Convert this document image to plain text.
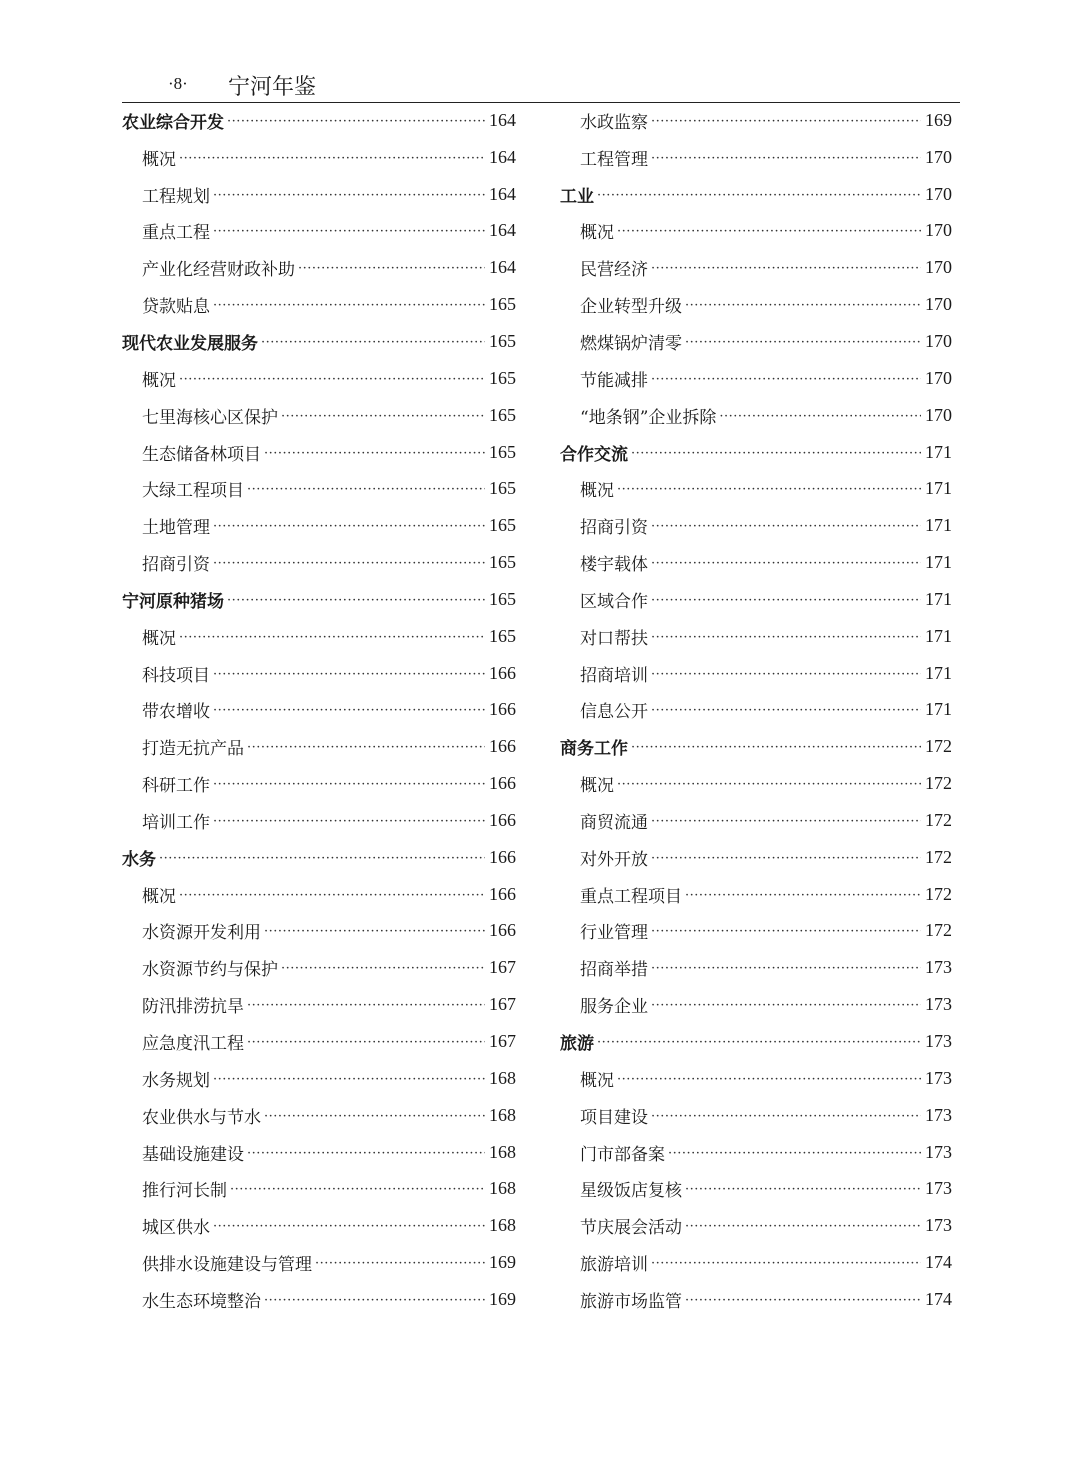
·8· 宁河年鉴
农业综合开发 ·····	164
概况 ·····	164
工程规划 ·····	164
重点工程 ·····	164
产业化经营财政补助 ·····	164
贷款贴息 ·····	165
现代农业发展服务 ·····	165
概况 ·····	165
七里海核心区保护 ·····	165
生态储备林项目 ·····	165
大绿工程项目 ·····	165
土地管理 ·····	165
招商引资 ·····	165
宁河原种猪场 ·····	165
概况 ·····	165
科技项目 ·····	166
带农增收 ·····	166
打造无抗产品 ·····	166
科研工作 ·····	166
培训工作 ·····	166
水务 ·····	166
概况 ·····	166
水资源开发利用 ·····	166
水资源节约与保护 ·····	167
防汛排涝抗旱 ·····	167
应急度汛工程 ·····	167
水务规划 ·····	168
农业供水与节水 ·····	168
基础设施建设 ·····	168
推行河长制 ·····	168
城区供水 ·····	168
供排水设施建设与管理 ·····	169
水生态环境整治 ·····	169
水政监察 ·····	169
工程管理 ·····	170
工业 ·····	170
概况 ·····	170
民营经济 ·····	170
企业转型升级 ·····	170
燃煤锅炉清零 ·····	170
节能减排 ·····	170
“地条钢”企业拆除 ·····	170
合作交流 ·····	171
概况 ·····	171
招商引资 ·····	171
楼宇载体 ·····	171
区域合作 ·····	171
对口帮扶 ·····	171
招商培训 ·····	171
信息公开 ·····	171
商务工作 ·····	172
概况 ·····	172
商贸流通 ·····	172
对外开放 ·····	172
重点工程项目 ·····	172
行业管理 ·····	172
招商举措 ·····	173
服务企业 ·····	173
旅游 ·····	173
概况 ·····	173
项目建设 ·····	173
门市部备案 ·····	173
星级饭店复核 ·····	173
节庆展会活动 ·····	173
旅游培训 ·····	174
旅游市场监管 ·····	174
